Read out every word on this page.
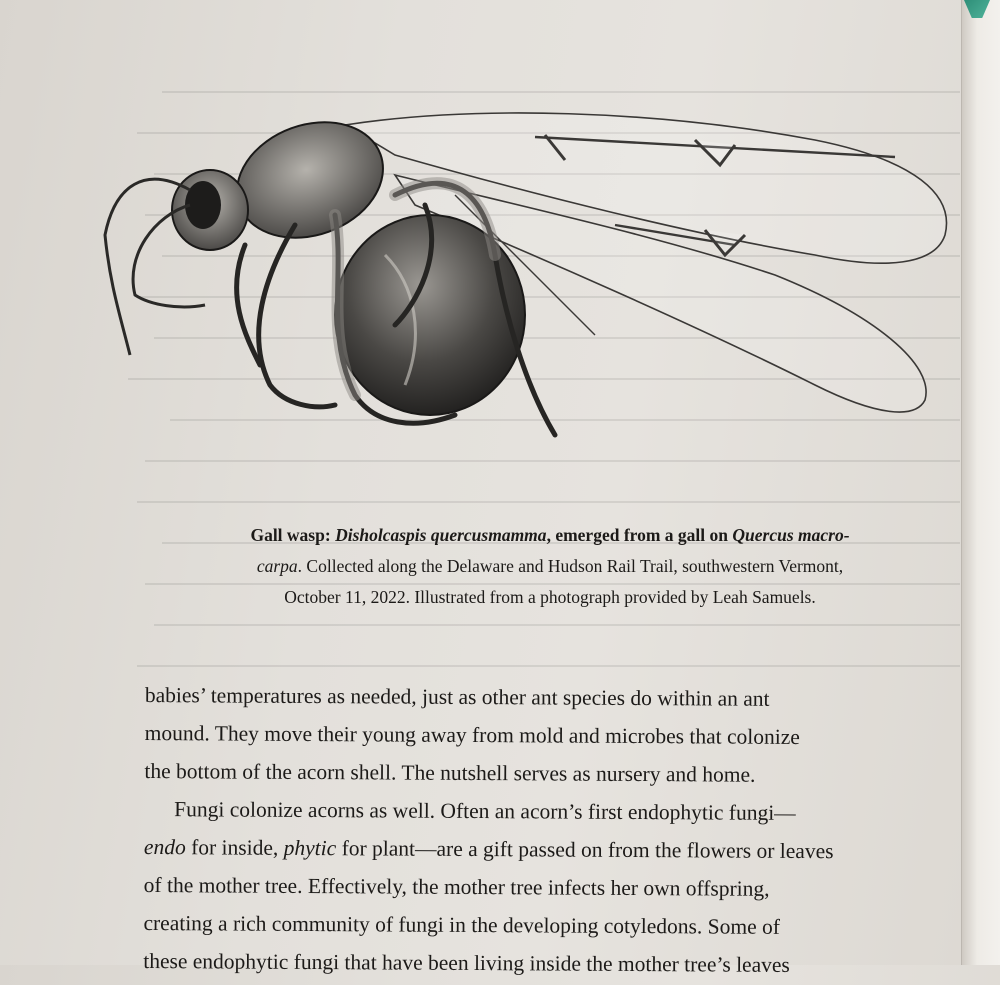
Gall wasp: Disholcaspis quercusmamma, emerged from a gall on Quercus macro-
carpa. Collected along the Delaware and Hudson Rail Trail, southwestern Vermont,
October 11, 2022. Illustrated from a photograph provided by Leah Samuels.

babies’ temperatures as needed, just as other ant species do within an ant
mound. They move their young away from mold and microbes that colonize
the bottom of the acorn shell. The nutshell serves as nursery and home.

Fungi colonize acorns as well. Often an acorn’s first endophytic fungi—
endo for inside, phytic for plant—are a gift passed on from the flowers or leaves
of the mother tree. Effectively, the mother tree infects her own offspring,
creating a rich community of fungi in the developing cotyledons. Some of
these endophytic fungi that have been living inside the mother tree’s leaves
